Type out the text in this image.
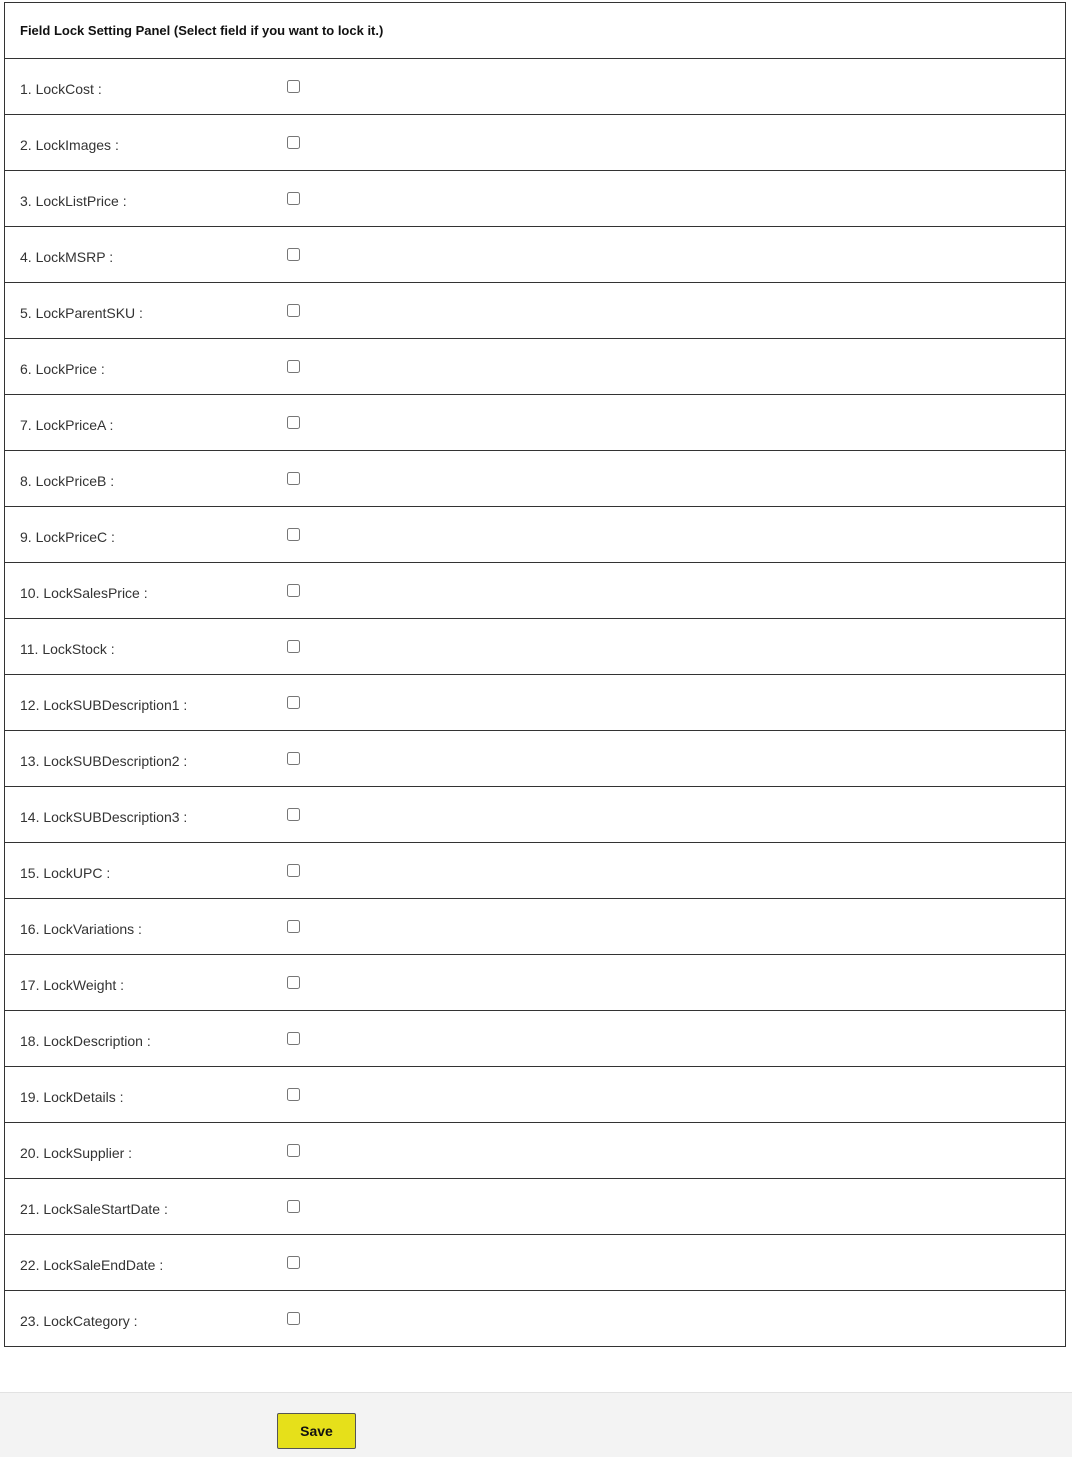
Field Lock Setting Panel (Select field if you want to lock it.)
1. LockCost :
2. LockImages :
3. LockListPrice :
4. LockMSRP :
5. LockParentSKU :
6. LockPrice :
7. LockPriceA :
8. LockPriceB :
9. LockPriceC :
10. LockSalesPrice :
11. LockStock :
12. LockSUBDescription1 :
13. LockSUBDescription2 :
14. LockSUBDescription3 :
15. LockUPC :
16. LockVariations :
17. LockWeight :
18. LockDescription :
19. LockDetails :
20. LockSupplier :
21. LockSaleStartDate :
22. LockSaleEndDate :
23. LockCategory :
Save
